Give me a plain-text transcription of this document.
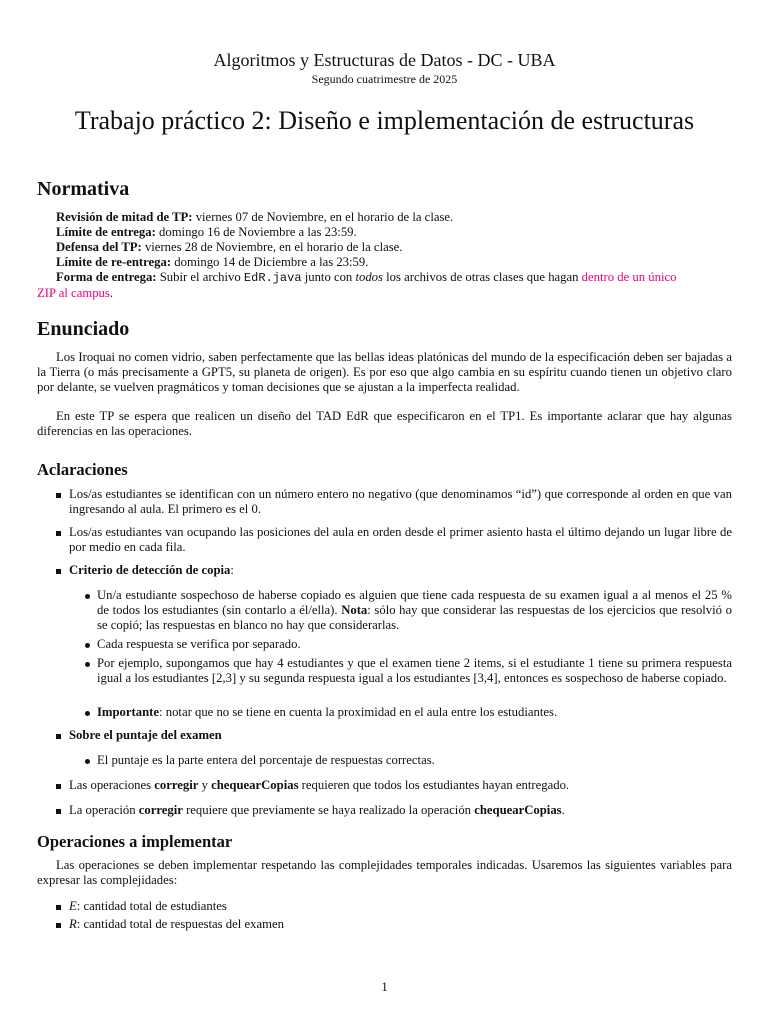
Algoritmos y Estructuras de Datos - DC - UBA
Segundo cuatrimestre de 2025
Trabajo práctico 2: Diseño e implementación de estructuras
Normativa
Revisión de mitad de TP: viernes 07 de Noviembre, en el horario de la clase.
Límite de entrega: domingo 16 de Noviembre a las 23:59.
Defensa del TP: viernes 28 de Noviembre, en el horario de la clase.
Límite de re-entrega: domingo 14 de Diciembre a las 23:59.
Forma de entrega: Subir el archivo EdR.java junto con todos los archivos de otras clases que hagan dentro de un único
ZIP al campus.
Enunciado
Los Iroquai no comen vidrio, saben perfectamente que las bellas ideas platónicas del mundo de la especificación deben ser bajadas a la Tierra (o más precisamente a GPT5, su planeta de origen). Es por eso que algo cambia en su espíritu cuando tienen un objetivo claro por delante, se vuelven pragmáticos y toman decisiones que se ajustan a la imperfecta realidad.
En este TP se espera que realicen un diseño del TAD EdR que especificaron en el TP1. Es importante aclarar que hay algunas diferencias en las operaciones.
Aclaraciones
Los/as estudiantes se identifican con un número entero no negativo (que denominamos “id”) que corresponde al orden en que van ingresando al aula. El primero es el 0.
Los/as estudiantes van ocupando las posiciones del aula en orden desde el primer asiento hasta el último dejando un lugar libre de por medio en cada fila.
Criterio de detección de copia:
Un/a estudiante sospechoso de haberse copiado es alguien que tiene cada respuesta de su examen igual a al menos el 25 % de todos los estudiantes (sin contarlo a él/ella). Nota: sólo hay que considerar las respuestas de los ejercicios que resolvió o se copió; las respuestas en blanco no hay que considerarlas.
Cada respuesta se verifica por separado.
Por ejemplo, supongamos que hay 4 estudiantes y que el examen tiene 2 items, si el estudiante 1 tiene su primera respuesta igual a los estudiantes [2,3] y su segunda respuesta igual a los estudiantes [3,4], entonces es sospechoso de haberse copiado.
Importante: notar que no se tiene en cuenta la proximidad en el aula entre los estudiantes.
Sobre el puntaje del examen
El puntaje es la parte entera del porcentaje de respuestas correctas.
Las operaciones corregir y chequearCopias requieren que todos los estudiantes hayan entregado.
La operación corregir requiere que previamente se haya realizado la operación chequearCopias.
Operaciones a implementar
Las operaciones se deben implementar respetando las complejidades temporales indicadas. Usaremos las siguientes variables para expresar las complejidades:
E: cantidad total de estudiantes
R: cantidad total de respuestas del examen
1
